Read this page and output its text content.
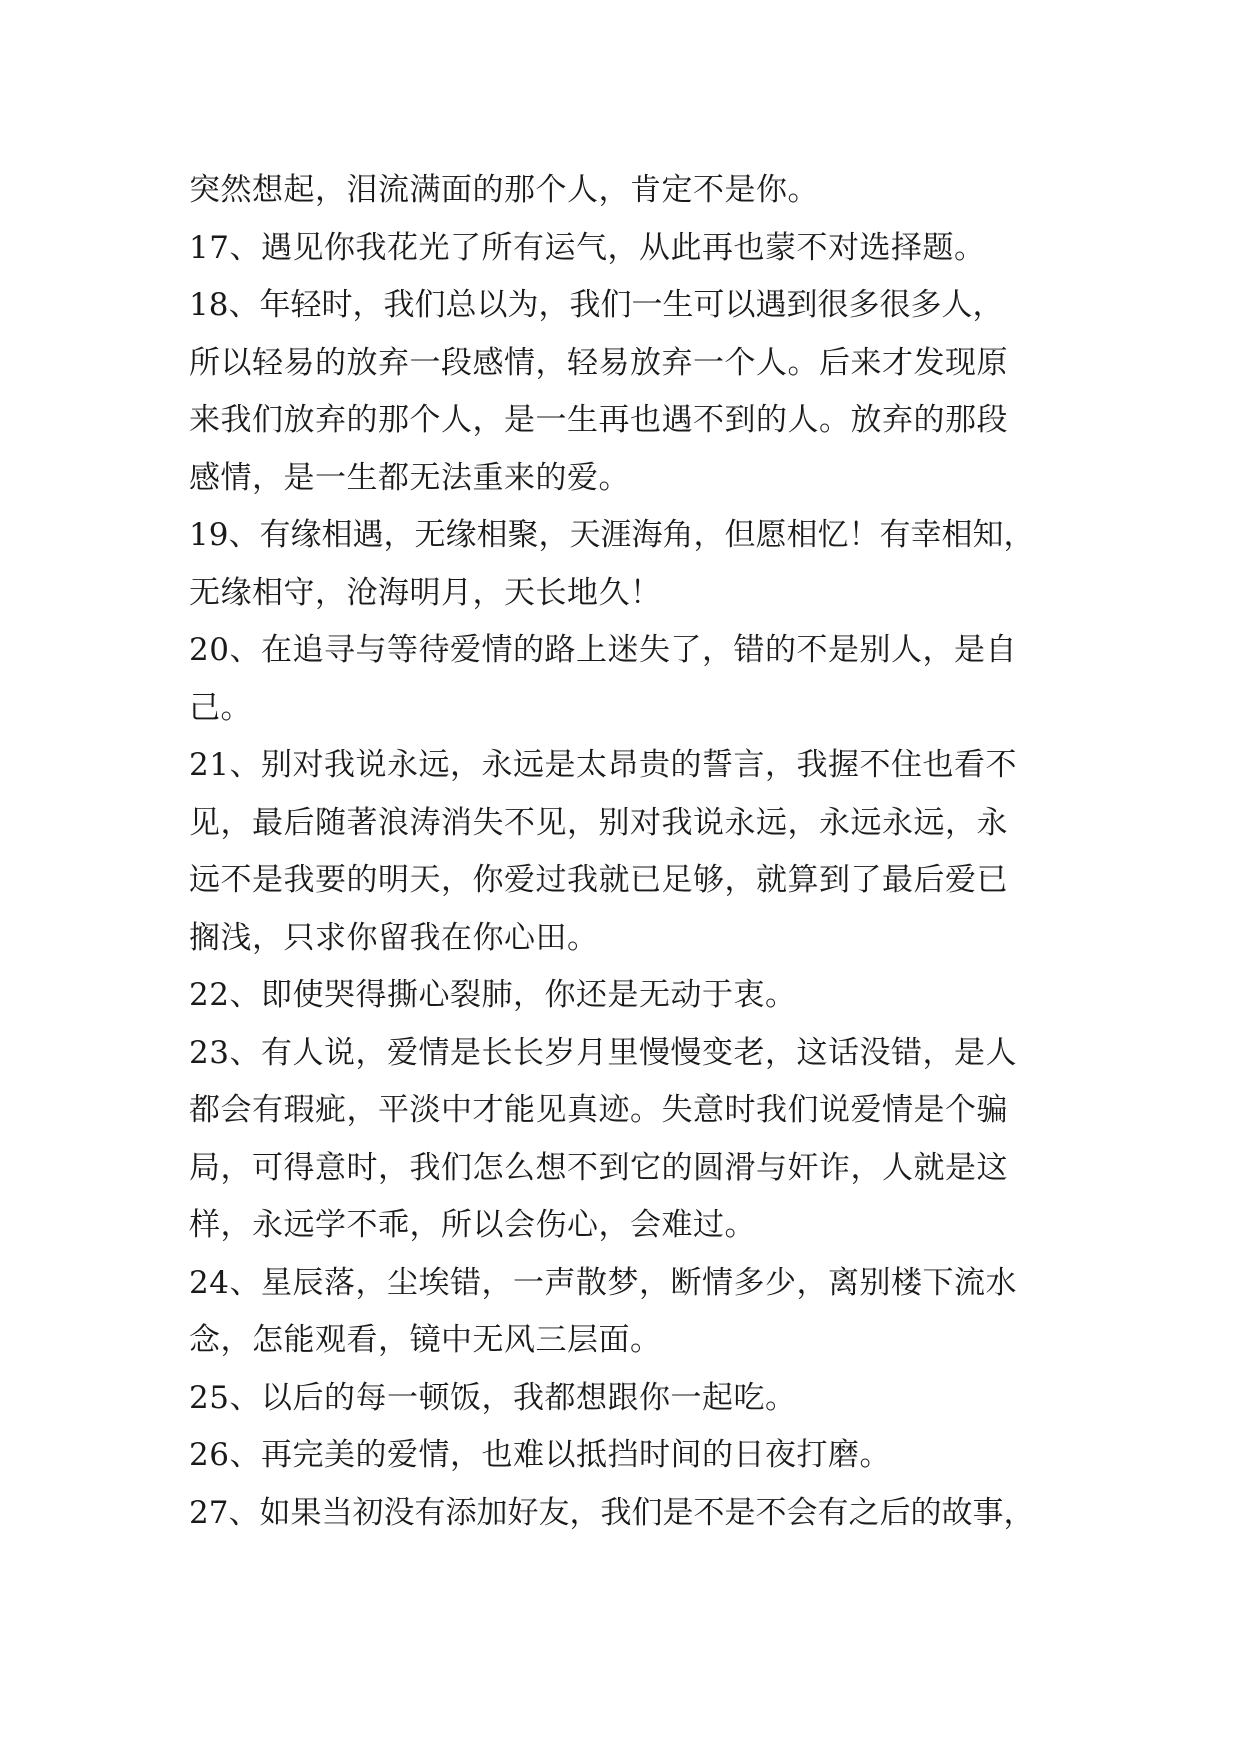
突然想起，泪流满面的那个人，肯定不是你。
17、遇见你我花光了所有运气，从此再也蒙不对选择题。
18、年轻时，我们总以为，我们一生可以遇到很多很多人，
所以轻易的放弃一段感情，轻易放弃一个人。后来才发现原
来我们放弃的那个人，是一生再也遇不到的人。放弃的那段
感情，是一生都无法重来的爱。
19、有缘相遇，无缘相聚，天涯海角，但愿相忆！有幸相知，
无缘相守，沧海明月，天长地久！
20、在追寻与等待爱情的路上迷失了，错的不是别人，是自
己。
21、别对我说永远，永远是太昂贵的誓言，我握不住也看不
见，最后随著浪涛消失不见，别对我说永远，永远永远，永
远不是我要的明天，你爱过我就已足够，就算到了最后爱已
搁浅，只求你留我在你心田。
22、即使哭得撕心裂肺，你还是无动于衷。
23、有人说，爱情是长长岁月里慢慢变老，这话没错，是人
都会有瑕疵，平淡中才能见真迹。失意时我们说爱情是个骗
局，可得意时，我们怎么想不到它的圆滑与奸诈，人就是这
样，永远学不乖，所以会伤心，会难过。
24、星辰落，尘埃错，一声散梦，断情多少，离别楼下流水
念，怎能观看，镜中无风三层面。
25、以后的每一顿饭，我都想跟你一起吃。
26、再完美的爱情，也难以抵挡时间的日夜打磨。
27、如果当初没有添加好友，我们是不是不会有之后的故事，
